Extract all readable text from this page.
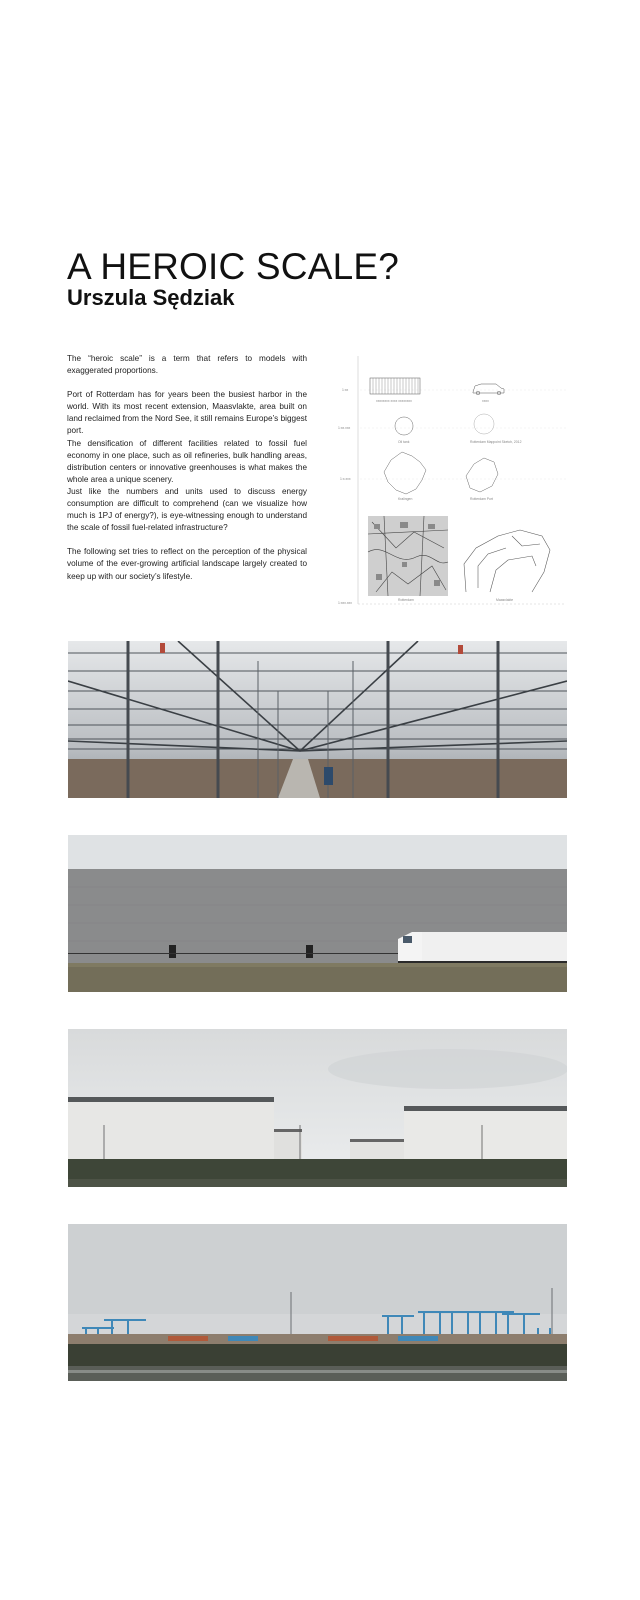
A HEROIC SCALE?
Urszula Sędziak

The “heroic scale” is a term that refers to models with exaggerated proportions.

Port of Rotterdam has for years been the busiest harbor in the world. With its most recent extension, Maasvlakte, area built on land reclaimed from the Nord See, it still remains Europe’s biggest port.

The densification of different facilities related to fossil fuel economy in one place, such as oil refineries, bulk handling areas, distribution centers or innovative greenhouses is what makes the whole area a unique scenery.

Just like the numbers and units used to discuss energy consumption are difficult to comprehend (can we visualize how much is 1PJ of energy?), is eye-witnessing enough to understand the scale of fossil fuel-related infrastructure?

The following set tries to reflect on the perception of the physical volume of the ever-growing artificial landscape largely created to keep up with our society’s lifestyle.

1:xx
1:xx.xxx
1:x.xxx
1:xxx.xxx
xxxxxxxx xxxx xxxxxxxx	xxxx
Oil tank	Rotterdam Mappoint Sketch, 2012
Kralingen	Rotterdam Port
Rotterdam	Maasvlakte
